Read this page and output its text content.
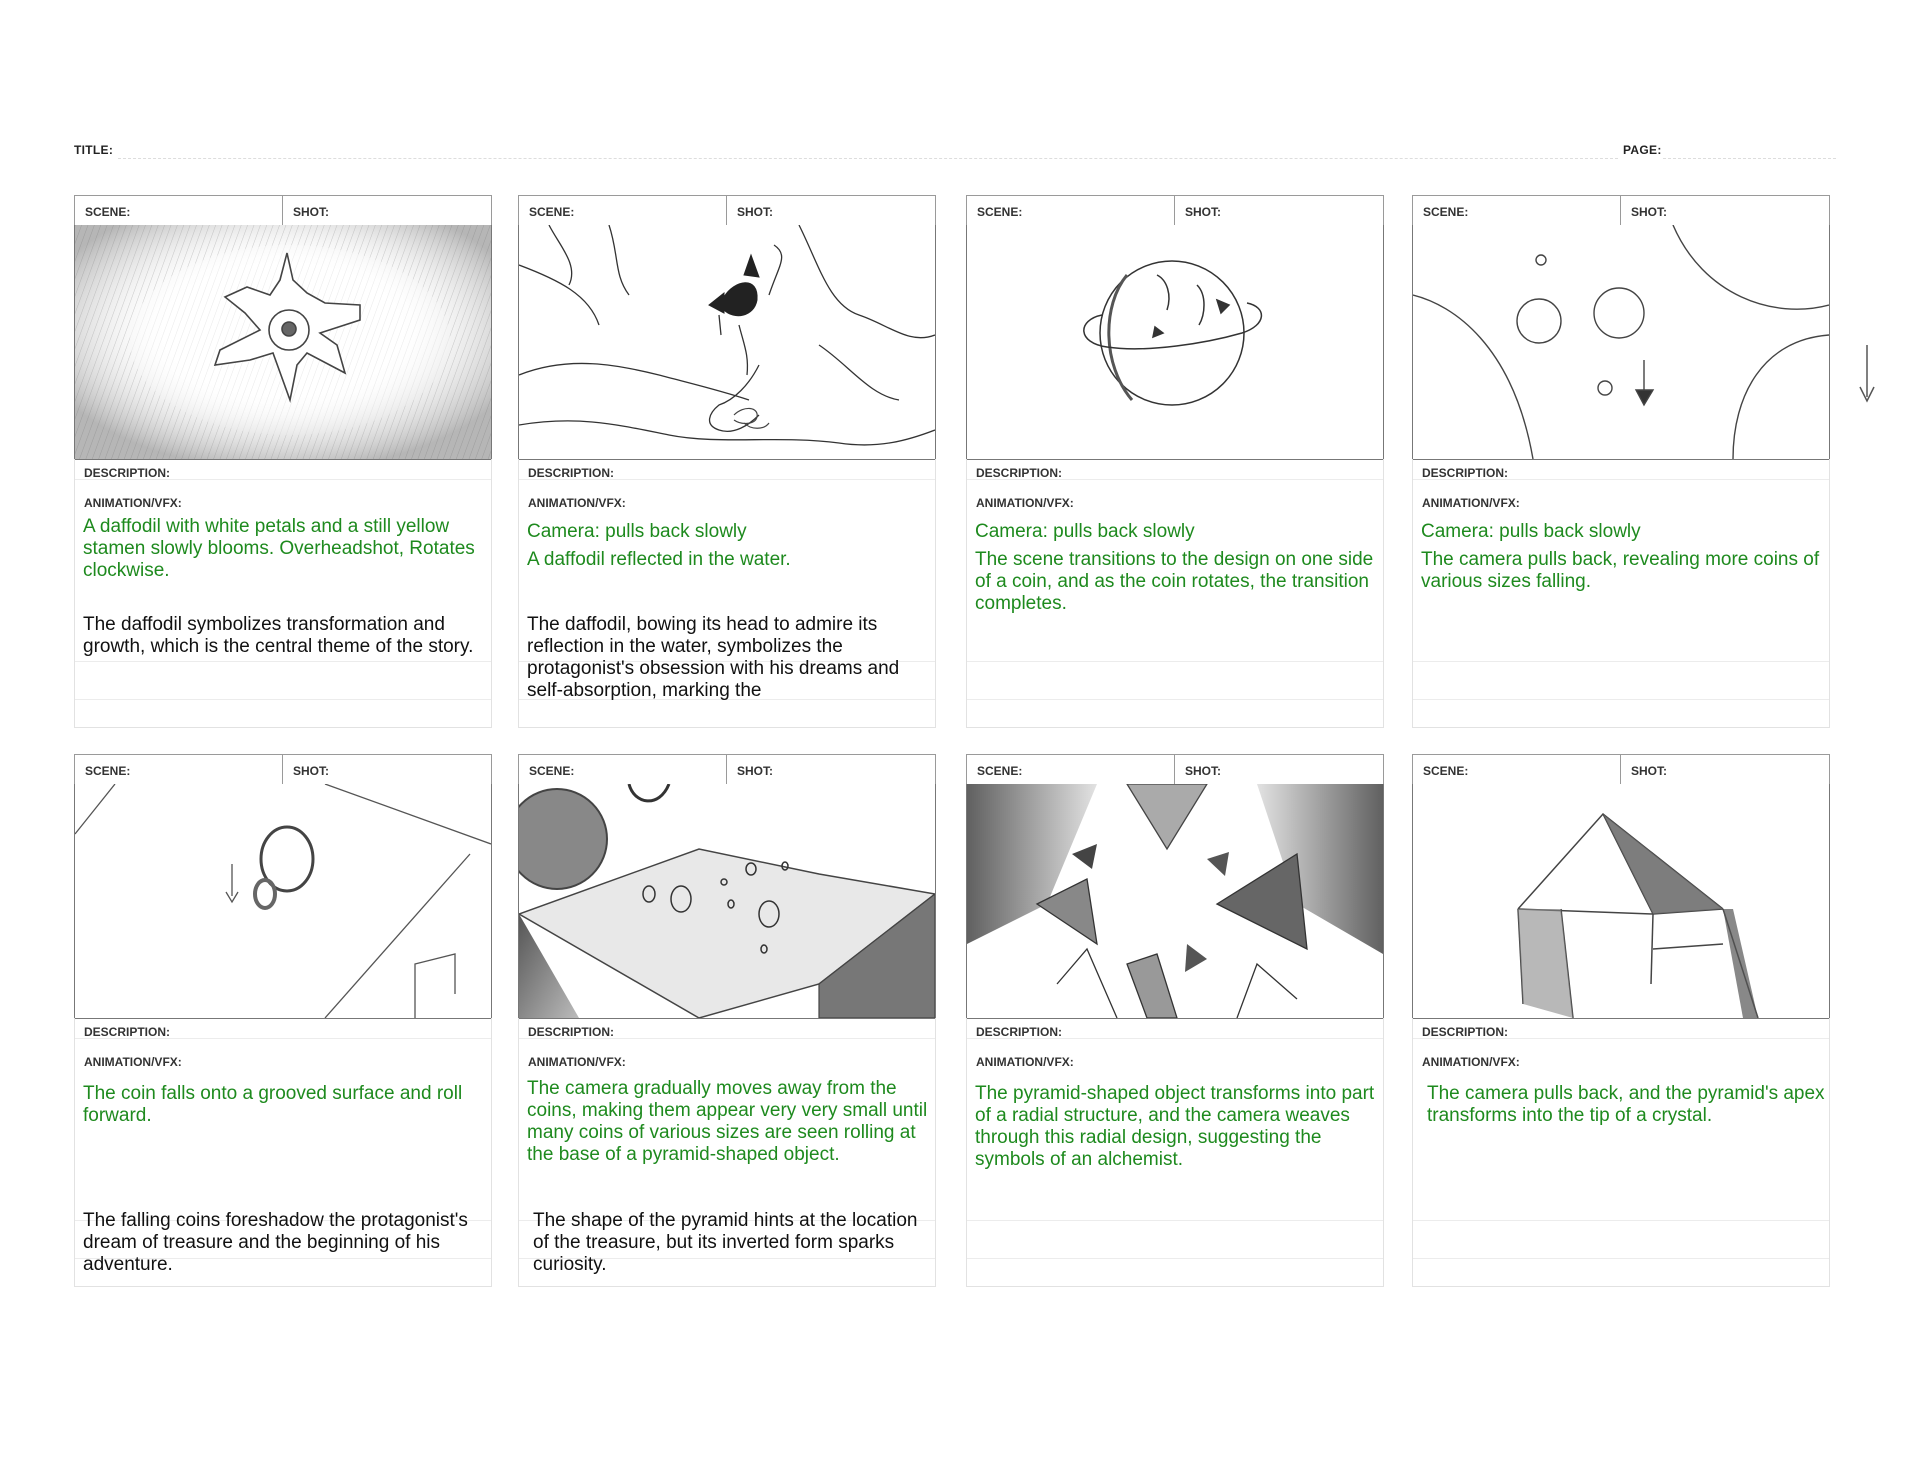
TITLE:	PAGE:
SCENE:	SHOT:
DESCRIPTION:
ANIMATION/VFX:

A daffodil with white petals and a still yellow stamen slowly blooms. Overheadshot, Rotates clockwise.

The daffodil symbolizes transformation and growth, which is the central theme of the story.
SCENE:	SHOT:
DESCRIPTION:
ANIMATION/VFX:

Camera: pulls back slowly

A daffodil reflected in the water.

The daffodil, bowing its head to admire its reflection in the water, symbolizes the protagonist's obsession with his dreams and self-absorption, marking the
SCENE:	SHOT:
DESCRIPTION:
ANIMATION/VFX:

Camera: pulls back slowly

The scene transitions to the design on one side of a coin, and as the coin rotates, the transition completes.

SCENE:	SHOT:
DESCRIPTION:
ANIMATION/VFX:

Camera: pulls back slowly

The camera pulls back, revealing more coins of various sizes falling.

SCENE:	SHOT:
DESCRIPTION:
ANIMATION/VFX:

The coin falls onto a grooved surface and roll forward.

The falling coins foreshadow the protagonist's dream of treasure and the beginning of his adventure.
SCENE:	SHOT:
DESCRIPTION:
ANIMATION/VFX:

The camera gradually moves away from the coins, making them appear very very small until many coins of various sizes are seen rolling at the base of a pyramid-shaped object.

The shape of the pyramid hints at the location of the treasure, but its inverted form sparks curiosity.
SCENE:	SHOT:
DESCRIPTION:
ANIMATION/VFX:

The pyramid-shaped object transforms into part of a radial structure, and the camera weaves through this radial design, suggesting the symbols of an alchemist.

SCENE:	SHOT:
DESCRIPTION:
ANIMATION/VFX:

The camera pulls back, and the pyramid's apex transforms into the tip of a crystal.
